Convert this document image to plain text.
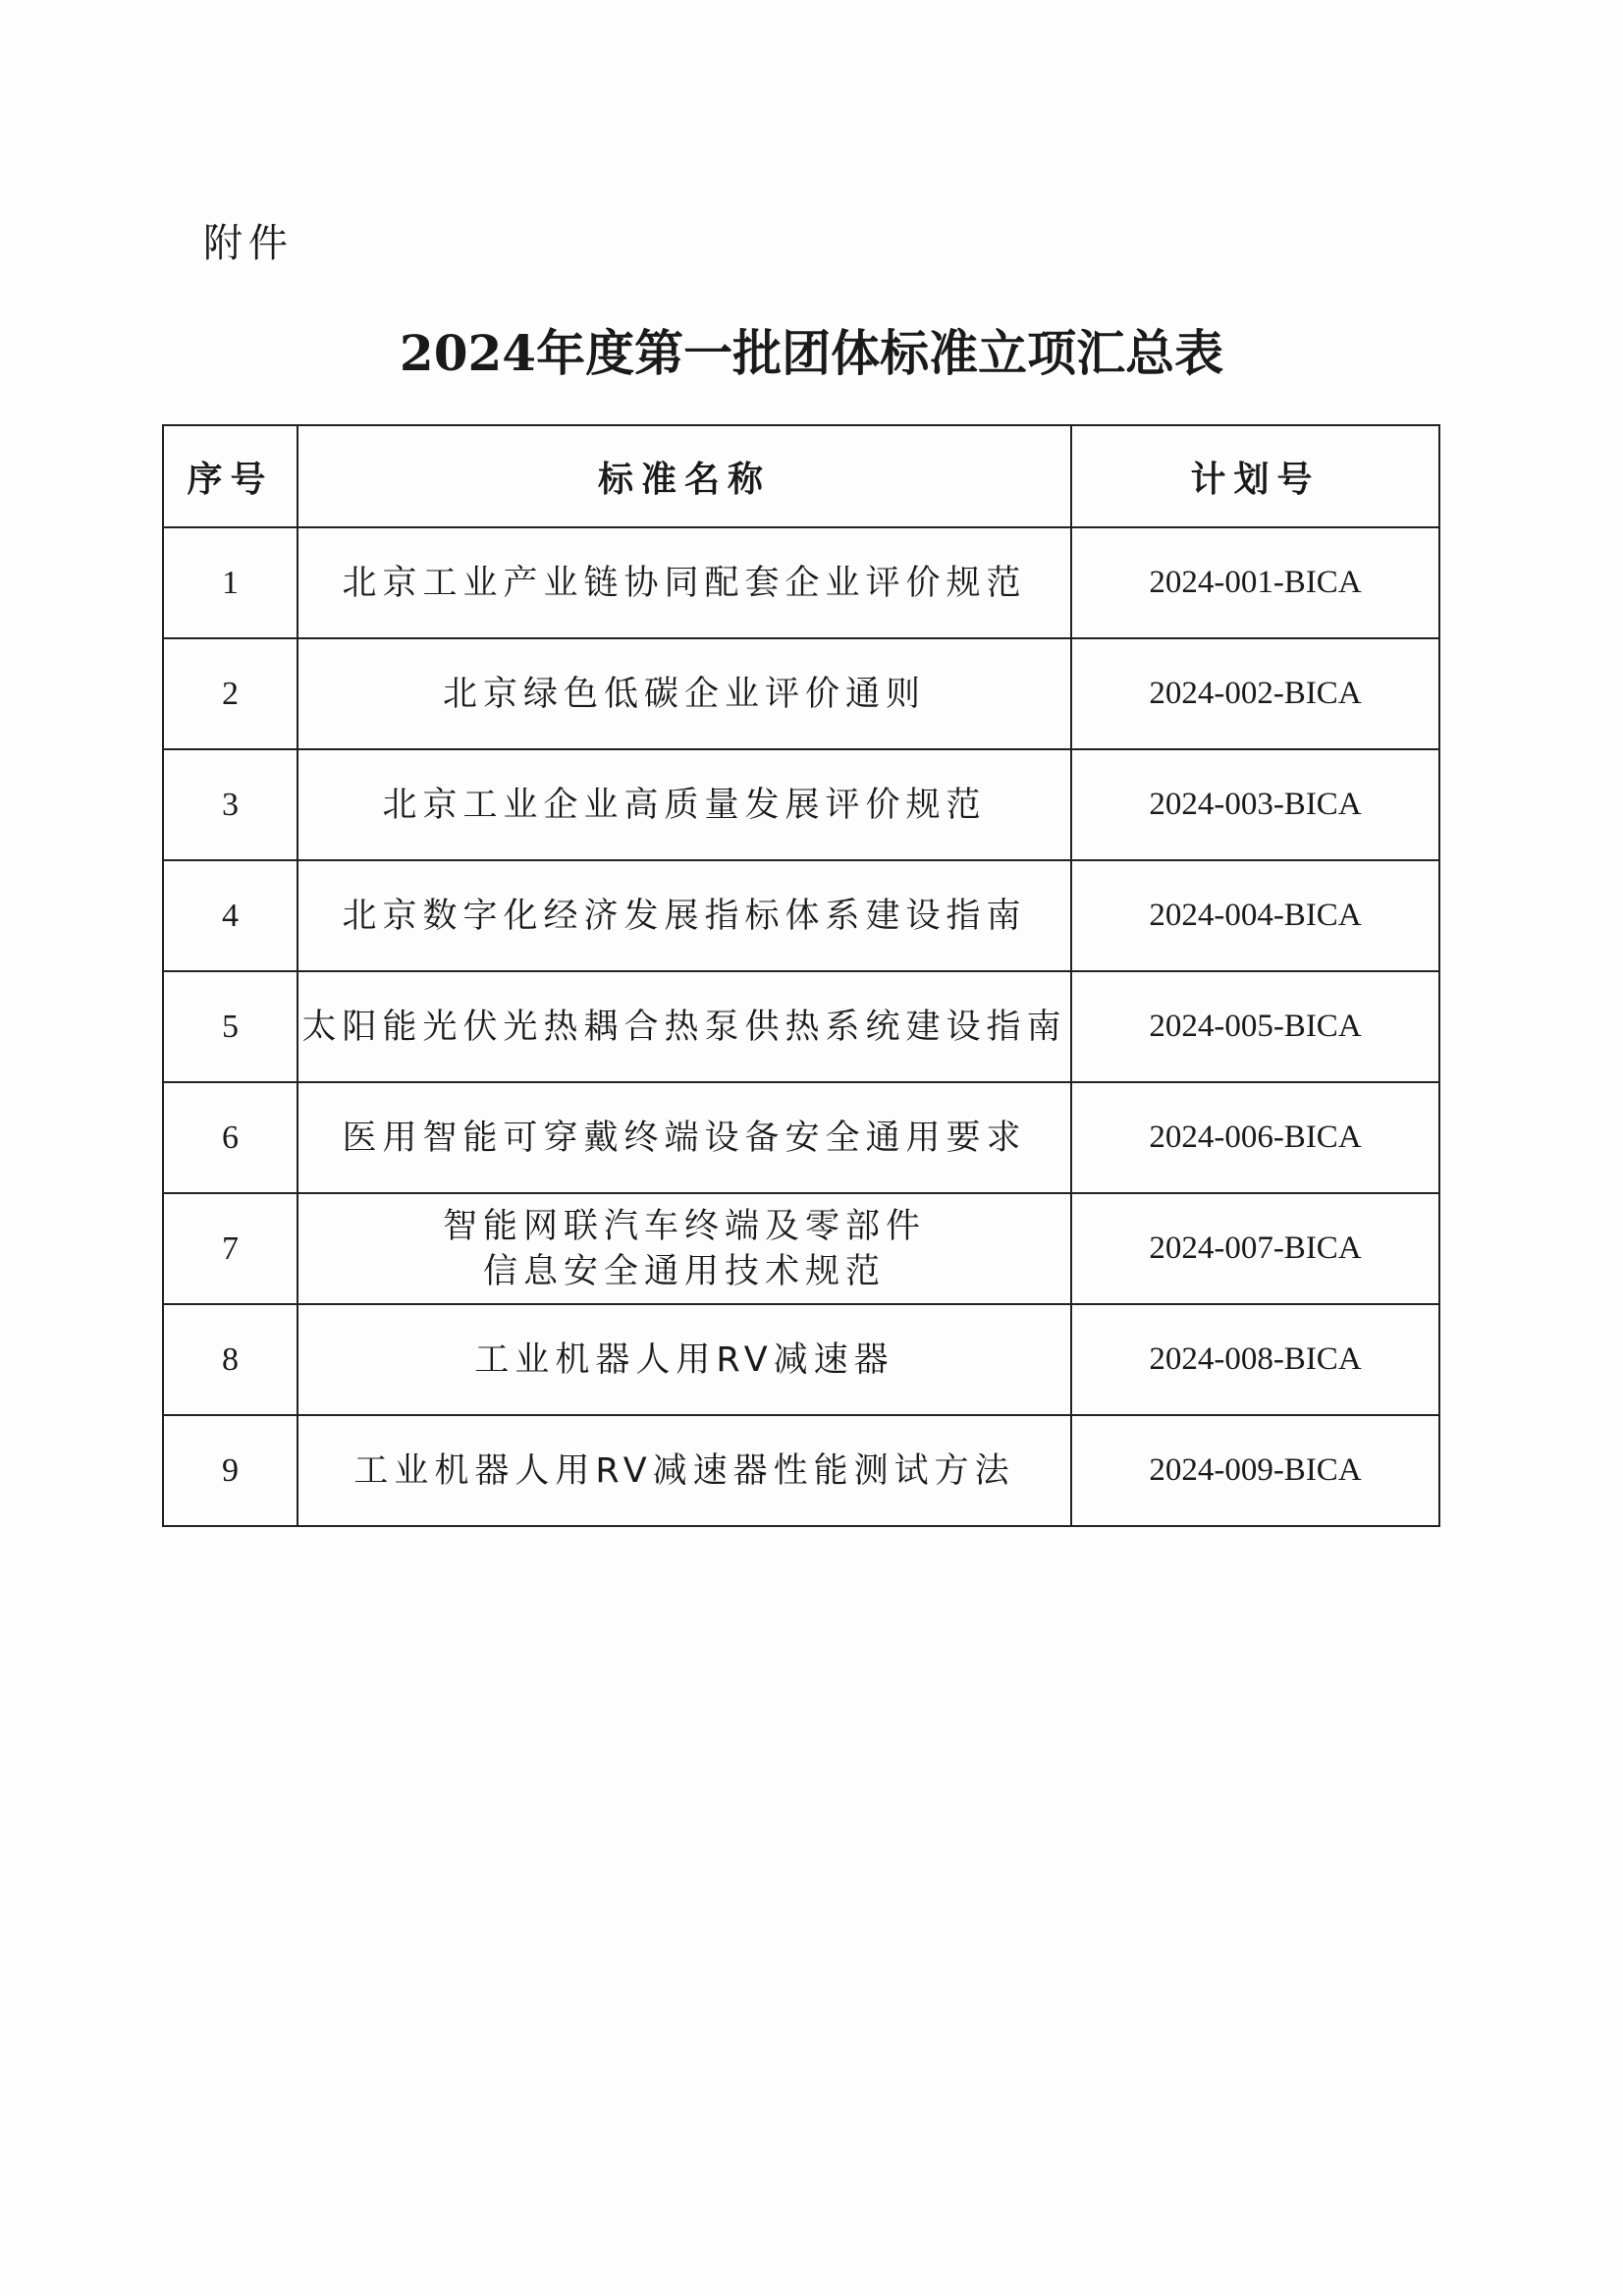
附件
2024年度第一批团体标准立项汇总表
序号	标准名称	计划号
1	北京工业产业链协同配套企业评价规范	2024-001-BICA
2	北京绿色低碳企业评价通则	2024-002-BICA
3	北京工业企业高质量发展评价规范	2024-003-BICA
4	北京数字化经济发展指标体系建设指南	2024-004-BICA
5	太阳能光伏光热耦合热泵供热系统建设指南	2024-005-BICA
6	医用智能可穿戴终端设备安全通用要求	2024-006-BICA
7	智能网联汽车终端及零部件
信息安全通用技术规范	2024-007-BICA
8	工业机器人用RV减速器	2024-008-BICA
9	工业机器人用RV减速器性能测试方法	2024-009-BICA
